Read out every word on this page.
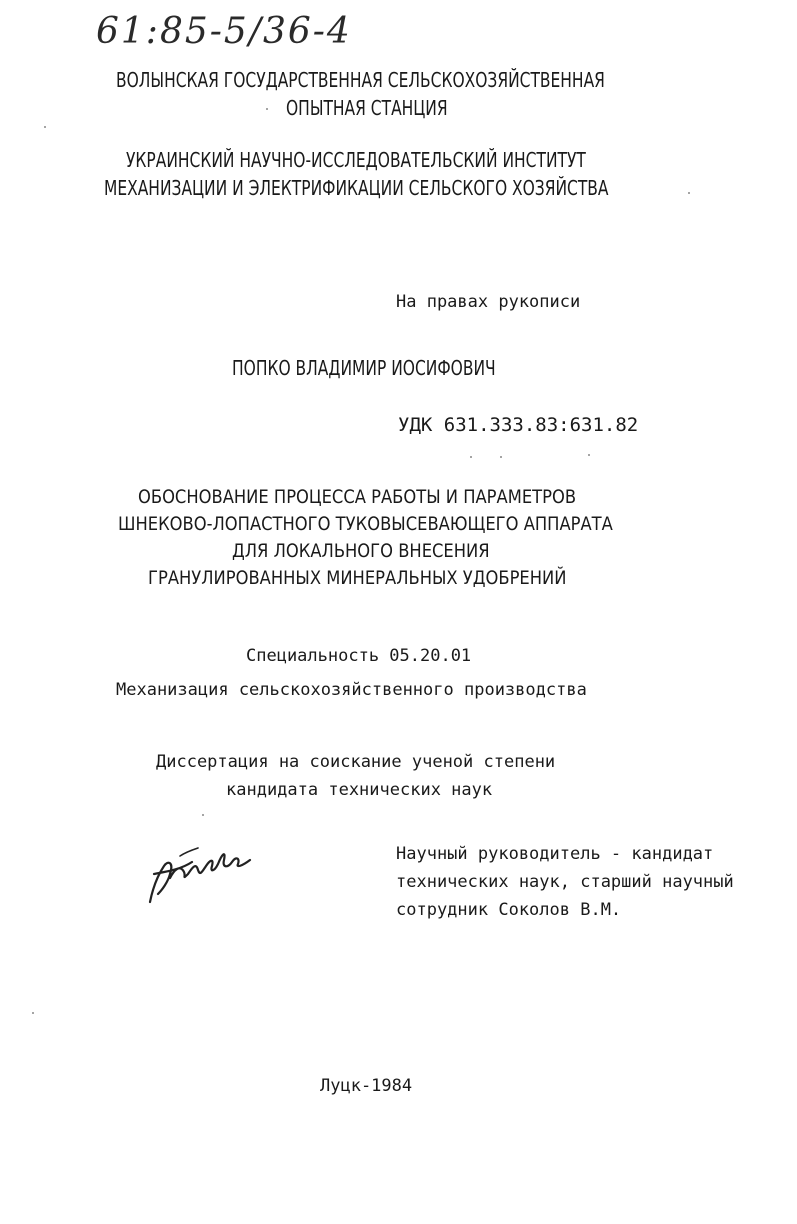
61:85-5/36-4
ВОЛЫНСКАЯ ГОСУДАРСТВЕННАЯ СЕЛЬСКОХОЗЯЙСТВЕННАЯ
ОПЫТНАЯ СТАНЦИЯ
УКРАИНСКИЙ НАУЧНО-ИССЛЕДОВАТЕЛЬСКИЙ ИНСТИТУТ
МЕХАНИЗАЦИИ И ЭЛЕКТРИФИКАЦИИ СЕЛЬСКОГО ХОЗЯЙСТВА
На правах рукописи
ПОПКО ВЛАДИМИР ИОСИФОВИЧ
УДК 631.333.83:631.82
ОБОСНОВАНИЕ ПРОЦЕССА РАБОТЫ И ПАРАМЕТРОВ
ШНЕКОВО-ЛОПАСТНОГО ТУКОВЫСЕВАЮЩЕГО АППАРАТА
ДЛЯ ЛОКАЛЬНОГО ВНЕСЕНИЯ
ГРАНУЛИРОВАННЫХ МИНЕРАЛЬНЫХ УДОБРЕНИЙ
Специальность 05.20.01
Механизация сельскохозяйственного производства
Диссертация на соискание ученой степени
кандидата технических наук
Научный руководитель - кандидат
технических наук, старший научный
сотрудник Соколов В.М.
Луцк-1984
